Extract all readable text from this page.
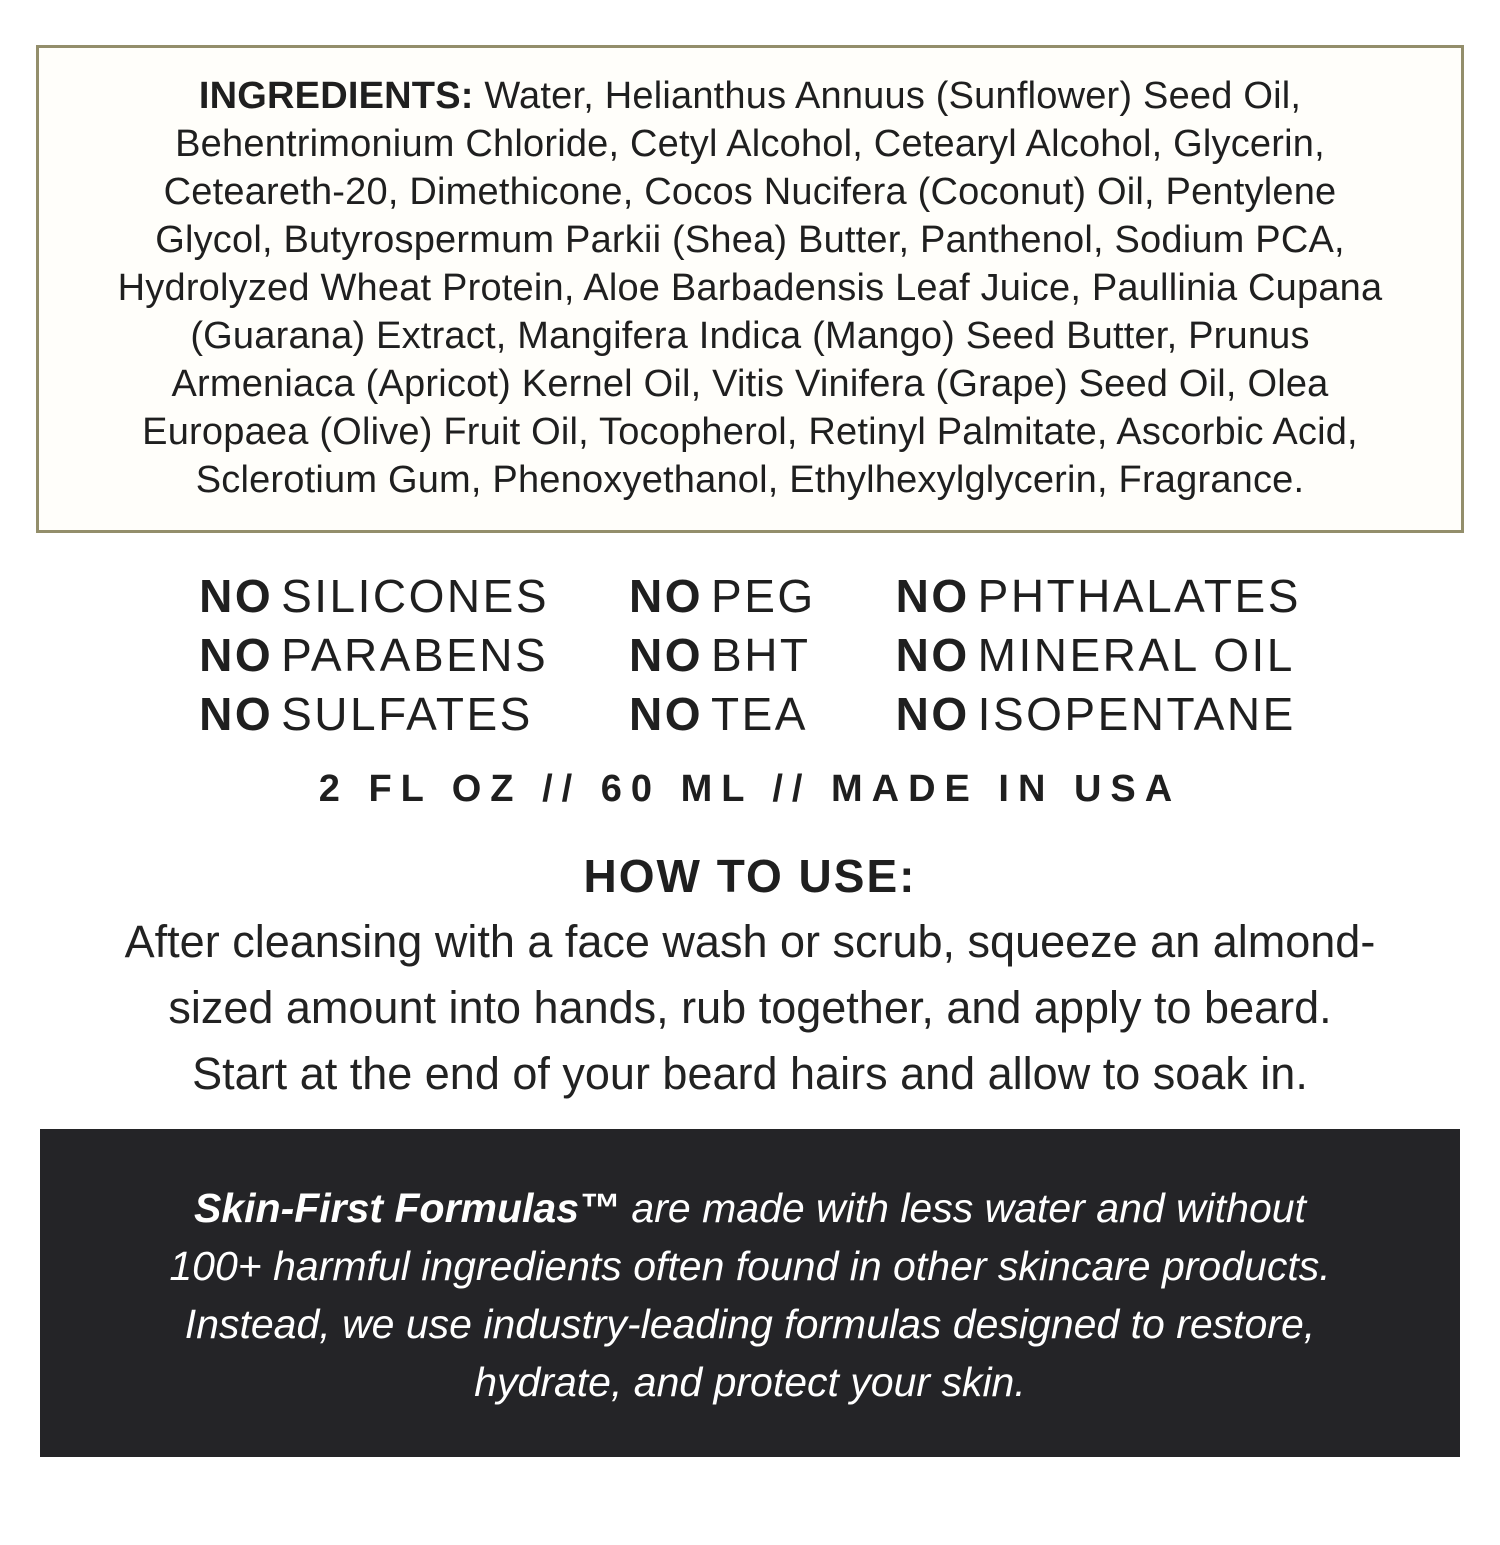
INGREDIENTS: Water, Helianthus Annuus (Sunflower) Seed Oil,
Behentrimonium Chloride, Cetyl Alcohol, Cetearyl Alcohol, Glycerin,
Ceteareth-20, Dimethicone, Cocos Nucifera (Coconut) Oil, Pentylene
Glycol, Butyrospermum Parkii (Shea) Butter, Panthenol, Sodium PCA,
Hydrolyzed Wheat Protein, Aloe Barbadensis Leaf Juice, Paullinia Cupana
(Guarana) Extract, Mangifera Indica (Mango) Seed Butter, Prunus
Armeniaca (Apricot) Kernel Oil, Vitis Vinifera (Grape) Seed Oil, Olea
Europaea (Olive) Fruit Oil, Tocopherol, Retinyl Palmitate, Ascorbic Acid,
Sclerotium Gum, Phenoxyethanol, Ethylhexylglycerin, Fragrance.
NO SILICONES NO PEG NO PHTHALATES
NO PARABENS NO BHT NO MINERAL OIL
NO SULFATES NO TEA NO ISOPENTANE
2 FL OZ // 60 ML // MADE IN USA
HOW TO USE:
After cleansing with a face wash or scrub, squeeze an almond-
sized amount into hands, rub together, and apply to beard.
Start at the end of your beard hairs and allow to soak in.
Skin-First Formulas™ are made with less water and without
100+ harmful ingredients often found in other skincare products.
Instead, we use industry-leading formulas designed to restore,
hydrate, and protect your skin.
